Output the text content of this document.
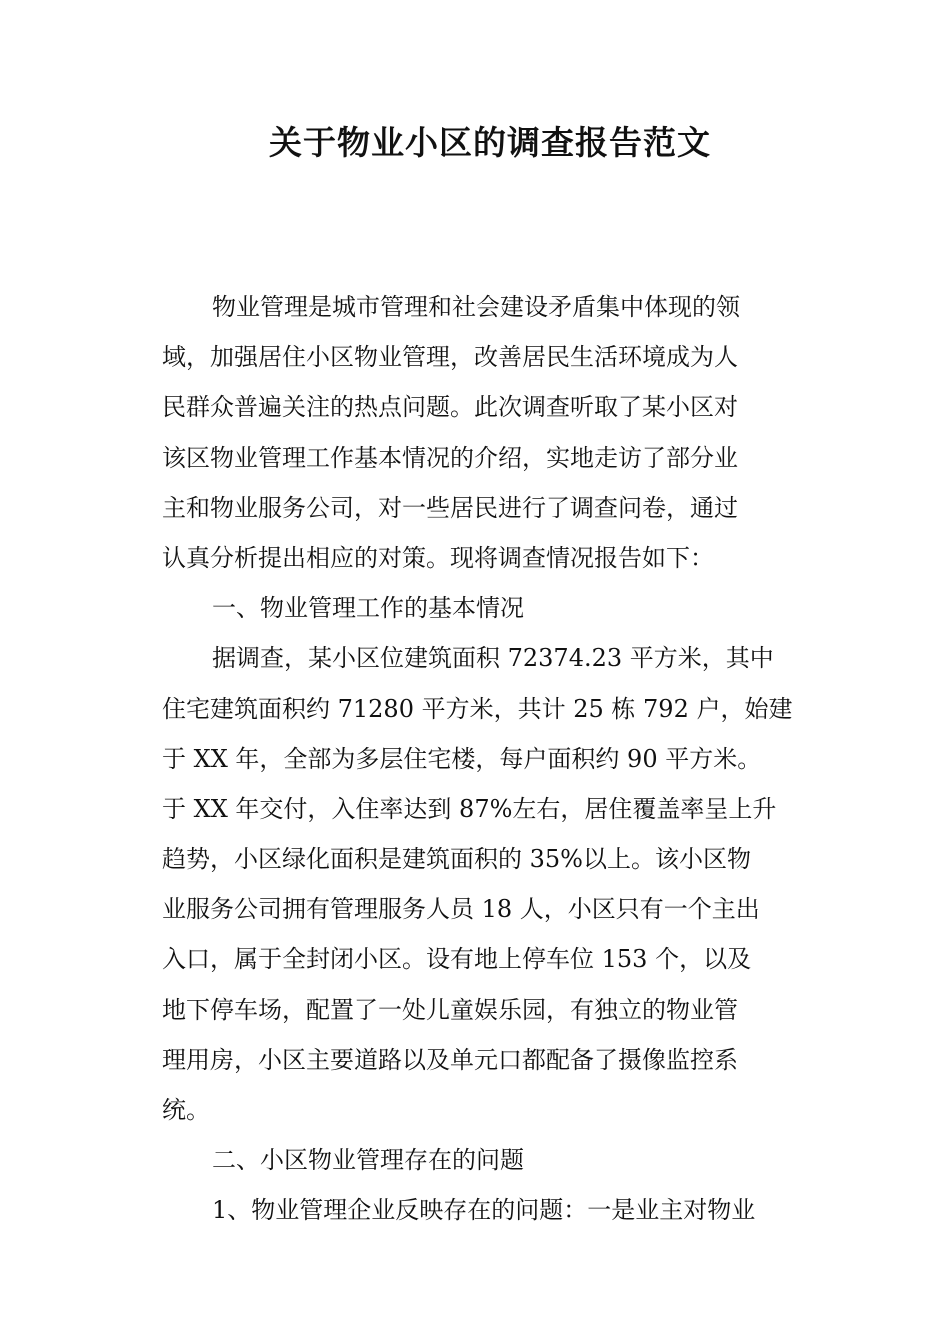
关于物业小区的调查报告范文
物业管理是城市管理和社会建设矛盾集中体现的领
域，加强居住小区物业管理，改善居民生活环境成为人
民群众普遍关注的热点问题。此次调查听取了某小区对
该区物业管理工作基本情况的介绍，实地走访了部分业
主和物业服务公司，对一些居民进行了调查问卷，通过
认真分析提出相应的对策。现将调查情况报告如下：
一、物业管理工作的基本情况
据调查，某小区位建筑面积 72374.23 平方米，其中
住宅建筑面积约 71280 平方米，共计 25 栋 792 户，始建
于 XX 年，全部为多层住宅楼，每户面积约 90 平方米。
于 XX 年交付，入住率达到 87%左右，居住覆盖率呈上升
趋势，小区绿化面积是建筑面积的 35%以上。该小区物
业服务公司拥有管理服务人员 18 人，小区只有一个主出
入口，属于全封闭小区。设有地上停车位 153 个，以及
地下停车场，配置了一处儿童娱乐园，有独立的物业管
理用房，小区主要道路以及单元口都配备了摄像监控系
统。
二、小区物业管理存在的问题
1、物业管理企业反映存在的问题：一是业主对物业
